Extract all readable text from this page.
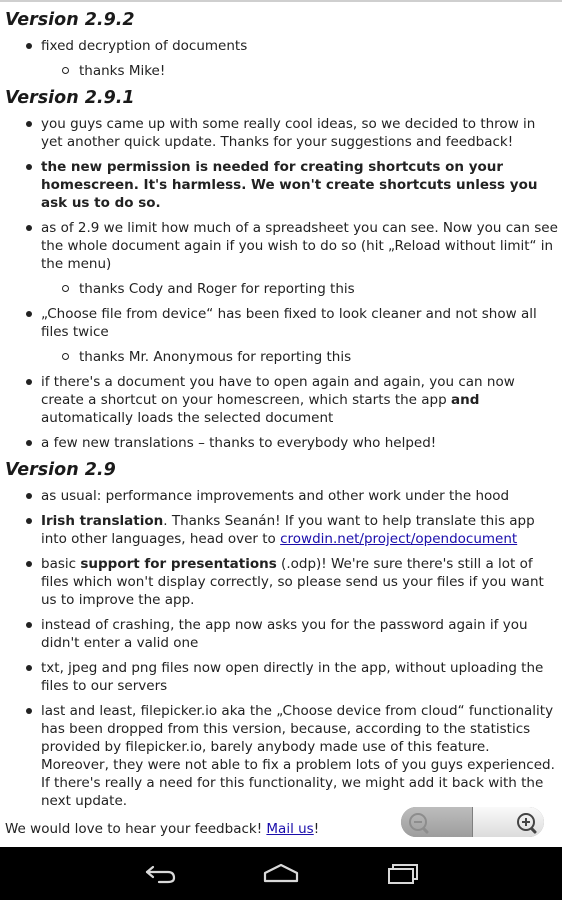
Version 2.9.2
fixed decryption of documents
thanks Mike!
Version 2.9.1
you guys came up with some really cool ideas, so we decided to throw in yet another quick update. Thanks for your suggestions and feedback!
the new permission is needed for creating shortcuts on your homescreen. It's harmless. We won't create shortcuts unless you ask us to do so.
as of 2.9 we limit how much of a spreadsheet you can see. Now you can see the whole document again if you wish to do so (hit „Reload without limit“ in the menu)
thanks Cody and Roger for reporting this
„Choose file from device“ has been fixed to look cleaner and not show all files twice
thanks Mr. Anonymous for reporting this
if there's a document you have to open again and again, you can now create a shortcut on your homescreen, which starts the app and automatically loads the selected document
a few new translations – thanks to everybody who helped!
Version 2.9
as usual: performance improvements and other work under the hood
Irish translation. Thanks Seanán! If you want to help translate this app into other languages, head over to crowdin.net/project/opendocument
basic support for presentations (.odp)! We're sure there's still a lot of files which won't display correctly, so please send us your files if you want us to improve the app.
instead of crashing, the app now asks you for the password again if you didn't enter a valid one
txt, jpeg and png files now open directly in the app, without uploading the files to our servers
last and least, filepicker.io aka the „Choose device from cloud“ functionality has been dropped from this version, because, according to the statistics provided by filepicker.io, barely anybody made use of this feature. Moreover, they were not able to fix a problem lots of you guys experienced. If there's really a need for this functionality, we might add it back with the next update.
We would love to hear your feedback! Mail us!
